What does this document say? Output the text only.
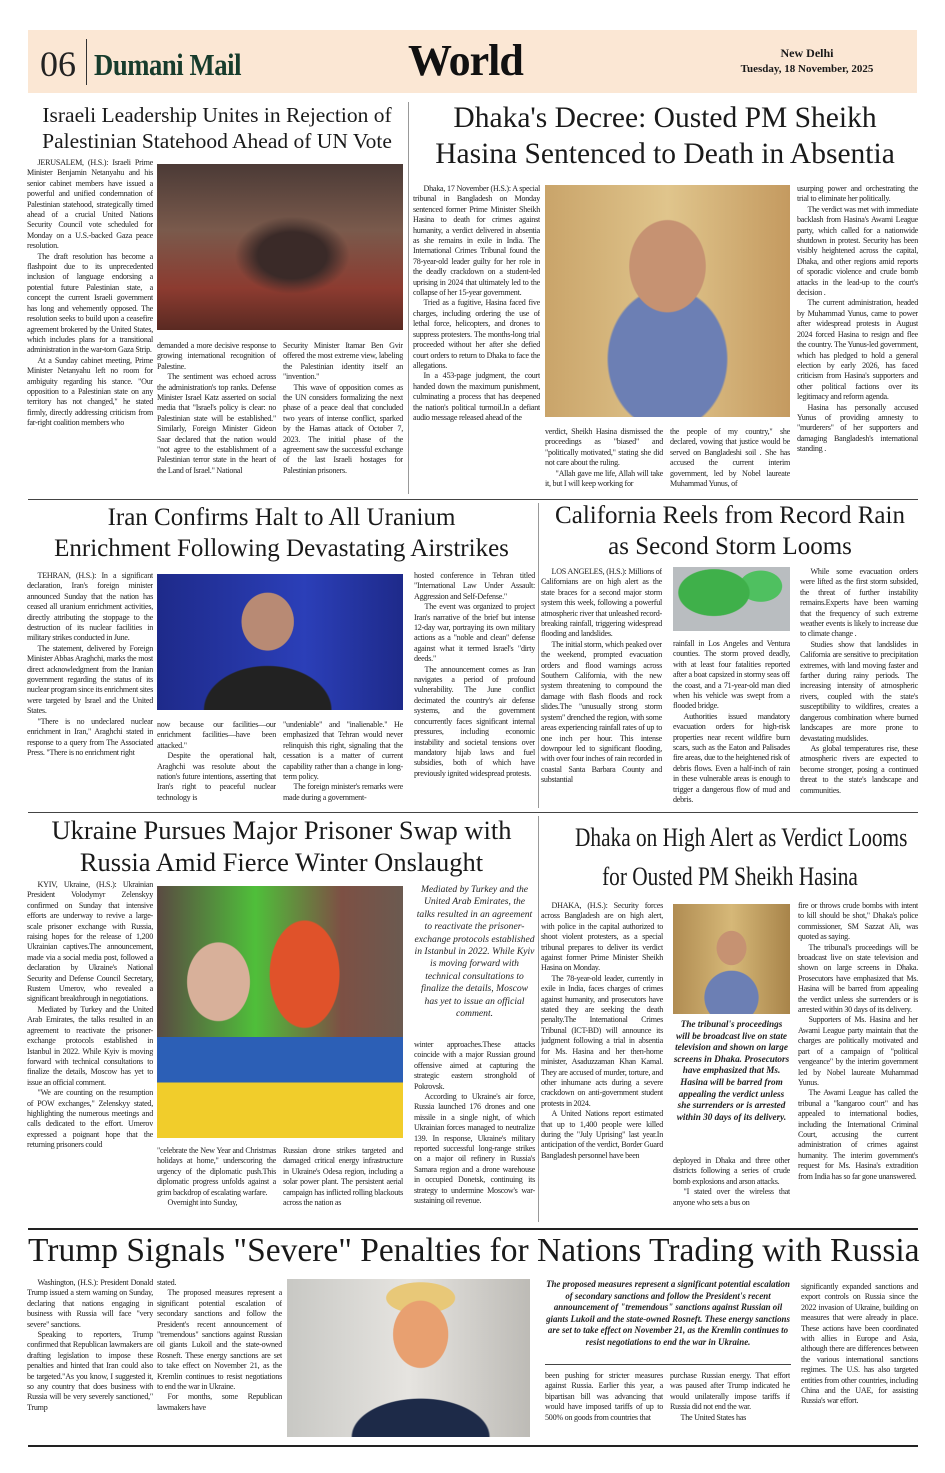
06 Dumani Mail	World	New Delhi
Tuesday, 18 November, 2025
Israeli Leadership Unites in Rejection of
Palestinian Statehood Ahead of UN Vote

JERUSALEM, (H.S.): Israeli Prime Minister Benjamin Netanyahu and his senior cabinet members have issued a powerful and unified condemnation of Palestinian statehood, strategically timed ahead of a crucial United Nations Security Council vote scheduled for Monday on a U.S.-backed Gaza peace resolution.

The draft resolution has become a flashpoint due to its unprecedented inclusion of language endorsing a potential future Palestinian state, a concept the current Israeli government has long and vehemently opposed. The resolution seeks to build upon a ceasefire agreement brokered by the United States, which includes plans for a transitional administration in the war-torn Gaza Strip.

At a Sunday cabinet meeting, Prime Minister Netanyahu left no room for ambiguity regarding his stance. "Our opposition to a Palestinian state on any territory has not changed," he stated firmly, directly addressing criticism from far-right coalition members who

demanded a more decisive response to growing international recognition of Palestine.

The sentiment was echoed across the administration's top ranks. Defense Minister Israel Katz asserted on social media that "Israel's policy is clear: no Palestinian state will be established." Similarly, Foreign Minister Gideon Saar declared that the nation would "not agree to the establishment of a Palestinian terror state in the heart of the Land of Israel." National

Security Minister Itamar Ben Gvir offered the most extreme view, labeling the Palestinian identity itself an "invention."

This wave of opposition comes as the UN considers formalizing the next phase of a peace deal that concluded two years of intense conflict, sparked by the Hamas attack of October 7, 2023. The initial phase of the agreement saw the successful exchange of the last Israeli hostages for Palestinian prisoners.

Dhaka's Decree: Ousted PM Sheikh
Hasina Sentenced to Death in Absentia

Dhaka, 17 November (H.S.): A special tribunal in Bangladesh on Monday sentenced former Prime Minister Sheikh Hasina to death for crimes against humanity, a verdict delivered in absentia as she remains in exile in India. The International Crimes Tribunal found the 78-year-old leader guilty for her role in the deadly crackdown on a student-led uprising in 2024 that ultimately led to the collapse of her 15-year government.

Tried as a fugitive, Hasina faced five charges, including ordering the use of lethal force, helicopters, and drones to suppress protesters. The months-long trial proceeded without her after she defied court orders to return to Dhaka to face the allegations.

In a 453-page judgment, the court handed down the maximum punishment, culminating a process that has deepened the nation's political turmoil.In a defiant audio message released ahead of the

verdict, Sheikh Hasina dismissed the proceedings as "biased" and "politically motivated," stating she did not care about the ruling.

"Allah gave me life, Allah will take it, but I will keep working for

the people of my country," she declared, vowing that justice would be served on Bangladeshi soil . She has accused the current interim government, led by Nobel laureate Muhammad Yunus, of

usurping power and orchestrating the trial to eliminate her politically.

The verdict was met with immediate backlash from Hasina's Awami League party, which called for a nationwide shutdown in protest. Security has been visibly heightened across the capital, Dhaka, and other regions amid reports of sporadic violence and crude bomb attacks in the lead-up to the court's decision .

The current administration, headed by Muhammad Yunus, came to power after widespread protests in August 2024 forced Hasina to resign and flee the country. The Yunus-led government, which has pledged to hold a general election by early 2026, has faced criticism from Hasina's supporters and other political factions over its legitimacy and reform agenda.

Hasina has personally accused Yunus of providing amnesty to "murderers" of her supporters and damaging Bangladesh's international standing .

Iran Confirms Halt to All Uranium
Enrichment Following Devastating Airstrikes

TEHRAN, (H.S.): In a significant declaration, Iran's foreign minister announced Sunday that the nation has ceased all uranium enrichment activities, directly attributing the stoppage to the destruction of its nuclear facilities in military strikes conducted in June.

The statement, delivered by Foreign Minister Abbas Araghchi, marks the most direct acknowledgment from the Iranian government regarding the status of its nuclear program since its enrichment sites were targeted by Israel and the United States.

"There is no undeclared nuclear enrichment in Iran," Araghchi stated in response to a query from The Associated Press. "There is no enrichment right

now because our facilities—our enrichment facilities—have been attacked."

Despite the operational halt, Araghchi was resolute about the nation's future intentions, asserting that Iran's right to peaceful nuclear technology is

"undeniable" and "inalienable." He emphasized that Tehran would never relinquish this right, signaling that the cessation is a matter of current capability rather than a change in long-term policy.

The foreign minister's remarks were made during a government-

hosted conference in Tehran titled "International Law Under Assault: Aggression and Self-Defense."

The event was organized to project Iran's narrative of the brief but intense 12-day war, portraying its own military actions as a "noble and clean" defense against what it termed Israel's "dirty deeds."

The announcement comes as Iran navigates a period of profound vulnerability. The June conflict decimated the country's air defense systems, and the government concurrently faces significant internal pressures, including economic instability and societal tensions over mandatory hijab laws and fuel subsidies, both of which have previously ignited widespread protests.

California Reels from Record Rain
as Second Storm Looms

LOS ANGELES, (H.S.): Millions of Californians are on high alert as the state braces for a second major storm system this week, following a powerful atmospheric river that unleashed record-breaking rainfall, triggering widespread flooding and landslides.

The initial storm, which peaked over the weekend, prompted evacuation orders and flood warnings across Southern California, with the new system threatening to compound the damage with flash floods and rock slides.The "unusually strong storm system" drenched the region, with some areas experiencing rainfall rates of up to one inch per hour. This intense downpour led to significant flooding, with over four inches of rain recorded in coastal Santa Barbara County and substantial

rainfall in Los Angeles and Ventura counties. The storm proved deadly, with at least four fatalities reported after a boat capsized in stormy seas off the coast, and a 71-year-old man died when his vehicle was swept from a flooded bridge.

Authorities issued mandatory evacuation orders for high-risk properties near recent wildfire burn scars, such as the Eaton and Palisades fire areas, due to the heightened risk of debris flows. Even a half-inch of rain in these vulnerable areas is enough to trigger a dangerous flow of mud and debris.

While some evacuation orders were lifted as the first storm subsided, the threat of further instability remains.Experts have been warning that the frequency of such extreme weather events is likely to increase due to climate change .

Studies show that landslides in California are sensitive to precipitation extremes, with land moving faster and farther during rainy periods. The increasing intensity of atmospheric rivers, coupled with the state's susceptibility to wildfires, creates a dangerous combination where burned landscapes are more prone to devastating mudslides.

As global temperatures rise, these atmospheric rivers are expected to become stronger, posing a continued threat to the state's landscape and communities.

Ukraine Pursues Major Prisoner Swap with
Russia Amid Fierce Winter Onslaught

KYIV, Ukraine, (H.S.): Ukrainian President Volodymyr Zelenskyy confirmed on Sunday that intensive efforts are underway to revive a large-scale prisoner exchange with Russia, raising hopes for the release of 1,200 Ukrainian captives.The announcement, made via a social media post, followed a declaration by Ukraine's National Security and Defense Council Secretary, Rustem Umerov, who revealed a significant breakthrough in negotiations.

Mediated by Turkey and the United Arab Emirates, the talks resulted in an agreement to reactivate the prisoner-exchange protocols established in Istanbul in 2022. While Kyiv is moving forward with technical consultations to finalize the details, Moscow has yet to issue an official comment.

"We are counting on the resumption of POW exchanges," Zelenskyy stated, highlighting the numerous meetings and calls dedicated to the effort. Umerov expressed a poignant hope that the returning prisoners could

"celebrate the New Year and Christmas holidays at home," underscoring the urgency of the diplomatic push.This diplomatic progress unfolds against a grim backdrop of escalating warfare.

Overnight into Sunday,

Russian drone strikes targeted and damaged critical energy infrastructure in Ukraine's Odesa region, including a solar power plant. The persistent aerial campaign has inflicted rolling blackouts across the nation as

Mediated by Turkey and the United Arab Emirates, the talks resulted in an agreement to reactivate the prisoner-exchange protocols established in Istanbul in 2022. While Kyiv is moving forward with technical consultations to finalize the details, Moscow has yet to issue an official comment.

winter approaches.These attacks coincide with a major Russian ground offensive aimed at capturing the strategic eastern stronghold of Pokrovsk.

According to Ukraine's air force, Russia launched 176 drones and one missile in a single night, of which Ukrainian forces managed to neutralize 139. In response, Ukraine's military reported successful long-range strikes on a major oil refinery in Russia's Samara region and a drone warehouse in occupied Donetsk, continuing its strategy to undermine Moscow's war-sustaining oil revenue.

Dhaka on High Alert as Verdict Looms
for Ousted PM Sheikh Hasina

DHAKA, (H.S.): Security forces across Bangladesh are on high alert, with police in the capital authorized to shoot violent protesters, as a special tribunal prepares to deliver its verdict against former Prime Minister Sheikh Hasina on Monday.

The 78-year-old leader, currently in exile in India, faces charges of crimes against humanity, and prosecutors have stated they are seeking the death penalty.The International Crimes Tribunal (ICT-BD) will announce its judgment following a trial in absentia for Ms. Hasina and her then-home minister, Asaduzzaman Khan Kamal. They are accused of murder, torture, and other inhumane acts during a severe crackdown on anti-government student protests in 2024.

A United Nations report estimated that up to 1,400 people were killed during the "July Uprising" last year.In anticipation of the verdict, Border Guard Bangladesh personnel have been

The tribunal's proceedings will be broadcast live on state television and shown on large screens in Dhaka. Prosecutors have emphasized that Ms. Hasina will be barred from appealing the verdict unless she surrenders or is arrested within 30 days of its delivery.

deployed in Dhaka and three other districts following a series of crude bomb explosions and arson attacks.

"I stated over the wireless that anyone who sets a bus on

fire or throws crude bombs with intent to kill should be shot," Dhaka's police commissioner, SM Sazzat Ali, was quoted as saying.

The tribunal's proceedings will be broadcast live on state television and shown on large screens in Dhaka. Prosecutors have emphasized that Ms. Hasina will be barred from appealing the verdict unless she surrenders or is arrested within 30 days of its delivery.

Supporters of Ms. Hasina and her Awami League party maintain that the charges are politically motivated and part of a campaign of "political vengeance" by the interim government led by Nobel laureate Muhammad Yunus.

The Awami League has called the tribunal a "kangaroo court" and has appealed to international bodies, including the International Criminal Court, accusing the current administration of crimes against humanity. The interim government's request for Ms. Hasina's extradition from India has so far gone unanswered.

Trump Signals "Severe" Penalties for Nations Trading with Russia

Washington, (H.S.): President Donald Trump issued a stern warning on Sunday, declaring that nations engaging in business with Russia will face "very severe" sanctions.

Speaking to reporters, Trump confirmed that Republican lawmakers are drafting legislation to impose these penalties and hinted that Iran could also be targeted."As you know, I suggested it, so any country that does business with Russia will be very severely sanctioned," Trump

stated.

The proposed measures represent a significant potential escalation of secondary sanctions and follow the President's recent announcement of "tremendous" sanctions against Russian oil giants Lukoil and the state-owned Rosneft. These energy sanctions are set to take effect on November 21, as the Kremlin continues to resist negotiations to end the war in Ukraine.

For months, some Republican lawmakers have

The proposed measures represent a significant potential escalation of secondary sanctions and follow the President's recent announcement of "tremendous" sanctions against Russian oil giants Lukoil and the state-owned Rosneft. These energy sanctions are set to take effect on November 21, as the Kremlin continues to resist negotiations to end the war in Ukraine.

been pushing for stricter measures against Russia. Earlier this year, a bipartisan bill was advancing that would have imposed tariffs of up to 500% on goods from countries that

purchase Russian energy. That effort was paused after Trump indicated he would unilaterally impose tariffs if Russia did not end the war.

The United States has

significantly expanded sanctions and export controls on Russia since the 2022 invasion of Ukraine, building on measures that were already in place. These actions have been coordinated with allies in Europe and Asia, although there are differences between the various international sanctions regimes. The U.S. has also targeted entities from other countries, including China and the UAE, for assisting Russia's war effort.
